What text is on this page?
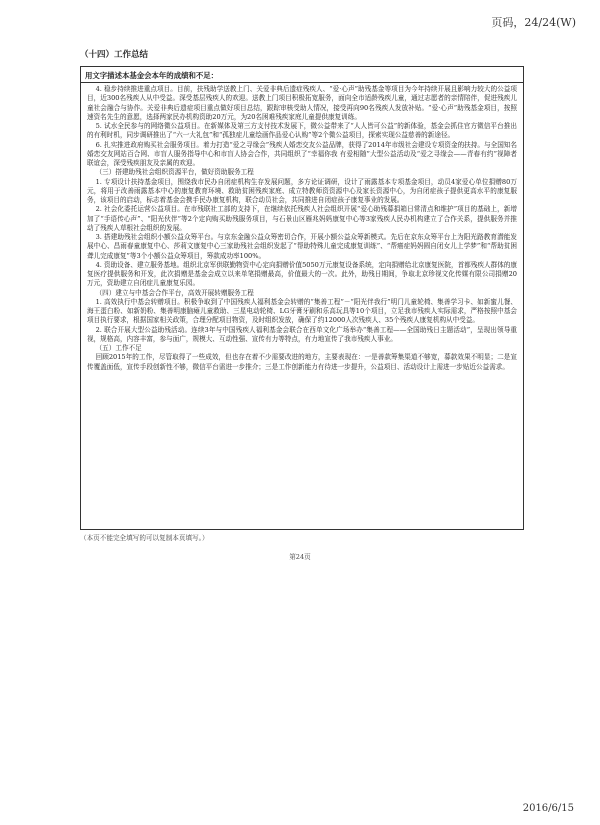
页码，24/24(W)
（十四）工作总结
用文字描述本基金会本年的成绩和不足：

4. 稳步持续推进重点项目。目前，扶残助学送教上门、关爱非典后遗症残疾人、“爱·心声”助残基金等项目为今年持续开展且影响力较大的公益项目，近300名残疾人从中受益。深受基层残疾人的欢迎。送教上门项目积极拓宽服务，面向全市适龄残疾儿童，通过志愿者的亲情陪伴，促进残疾儿童社会融合与协作。关爱非典后遗症项目重点做好项目总结，跟踪审核受助人情况，接受再向90名残疾人发放补贴。“爱·心声”助残基金项目，按照速资名先生的意愿，选择两家民办机构资助20万元，为20名困难残疾家庭儿童提供康复训练。

5. 试水全民参与的网络微公益项目。在新媒体及第三方支付技术发展下，微公益带来了“人人皆可公益”的新体验，基金会抓住官方微信平台推出的有利时机，同步调研推出了“六一大礼包”和“孤独症儿童绘画作品爱心认购”等2个微公益项目，探索实现公益慈善的新途径。

6. 扎实推进政府购买社会服务项目。着力打造“爱之寻缘会”残疾人婚恋交友公益品牌，获得了2014年市级社会建设专项资金的扶持。与全国知名婚恋交友网站百合网、市盲人服务指导中心和市盲人协会合作，共同组织了“幸福你我 有爱相随”大型公益活动及“爱之寻缘会——青春有约”视障者联谊会，深受残疾朋友及亲属的欢迎。

（三）搭建助残社会组织资源平台，做好资助服务工程

1. 专项设计扶持基金项目，围绕我市民办自闭症机构生存发展问题，多方论证调研，设计了雨露基本专项基金项目，动员4家爱心单位捐赠80万元，将用于改善雨露基本中心的康复教育环境、救助贫困残疾家庭、成立特教师资资源中心及家长资源中心，为自闭症孩子提供更高水平的康复服务，该项目的启动，标志着基金会携手民办康复机构，联合动员社会，共同推进自闭症孩子康复事业的发展。

2. 社会化委托运营公益项目。在市残联社工部的支持下，在继续依托残疾人社会组织开展“爱心助残募捐箱日常清点和维护”项目的基础上，新增加了“手语传心声”、“阳光伙伴”等2个定向购买助残服务项目，与石景山区雁兆妈妈康复中心等3家残疾人民办机构建立了合作关系，提供服务并推动了残疾人草根社会组织的发展。

3. 搭建助残社会组织小额公益众筹平台。与京东金融公益众筹密切合作，开展小额公益众筹新模式。先后在京东众筹平台上为阳光路教育潜能发展中心、昌雨春童康复中心、莎莉文康复中心三家助残社会组织发起了“帮助特殊儿童完成康复训练”、“帮癌症妈妈圆自闭女儿上学梦”和“帮助贫困聋儿完成康复”等3个小额公益众筹项目，筹款成功率100%。

4. 资助设备、建立服务基地。组织北京军供联勤物资中心定向捐赠价值5050万元康复设备系统，定向捐赠给北京康复医院，首都残疾人群体的康复医疗提供服务和开发，此次捐赠是基金会成立以来单笔捐赠最高，价值最大的一次。此外，助残日期间，争取北京珍视文化传媒有限公司捐赠20万元，资助建立自闭症儿童康复乐园。

（四）建立与中基会合作平台，高效开展转赠服务工程

1. 高效执行中基会转赠项目。积极争取到了中国残疾人福利基金会转赠的“集善工程”－“阳光伴我行”明门儿童轮椅、集善学习卡、如新蜜儿餐、海王蛋白粉、如新奶粉、集善明康脑瘫儿童救助、三星电动轮椅、LG牙膏牙刷和乐高玩具等10个项目，立足我市残疾人实际需求，严格按照中基会项目执行要求，根据国家相关政策，合理分配项目物资，及时组织发放，确保了约12000人次残疾人、35个残疾人康复机构从中受益。

2. 联合开展大型公益助残活动。连续3年与中国残疾人福利基金会联合在西单文化广场举办“集善工程——全国助残日主题活动”，呈现出领导重视，规格高，内容丰富，参与面广，规模大、互动性强、宣传有力等特点，有力地宣传了我市残疾人事业。

（五）工作不足

回顾2015年的工作，尽管取得了一些成效，但也存在着不少需要改进的地方，主要表现在：一是善款筹集渠道不够宽，募款效果不明显；二是宣传覆盖面低，宣传手段创新性不够，微信平台需进一步推介；三是工作创新能力有待进一步提升，公益项目、活动设计上需进一步贴近公益需求。

（本页不能完全填写的可以复制本页填写。）
第24页
2016/6/15
